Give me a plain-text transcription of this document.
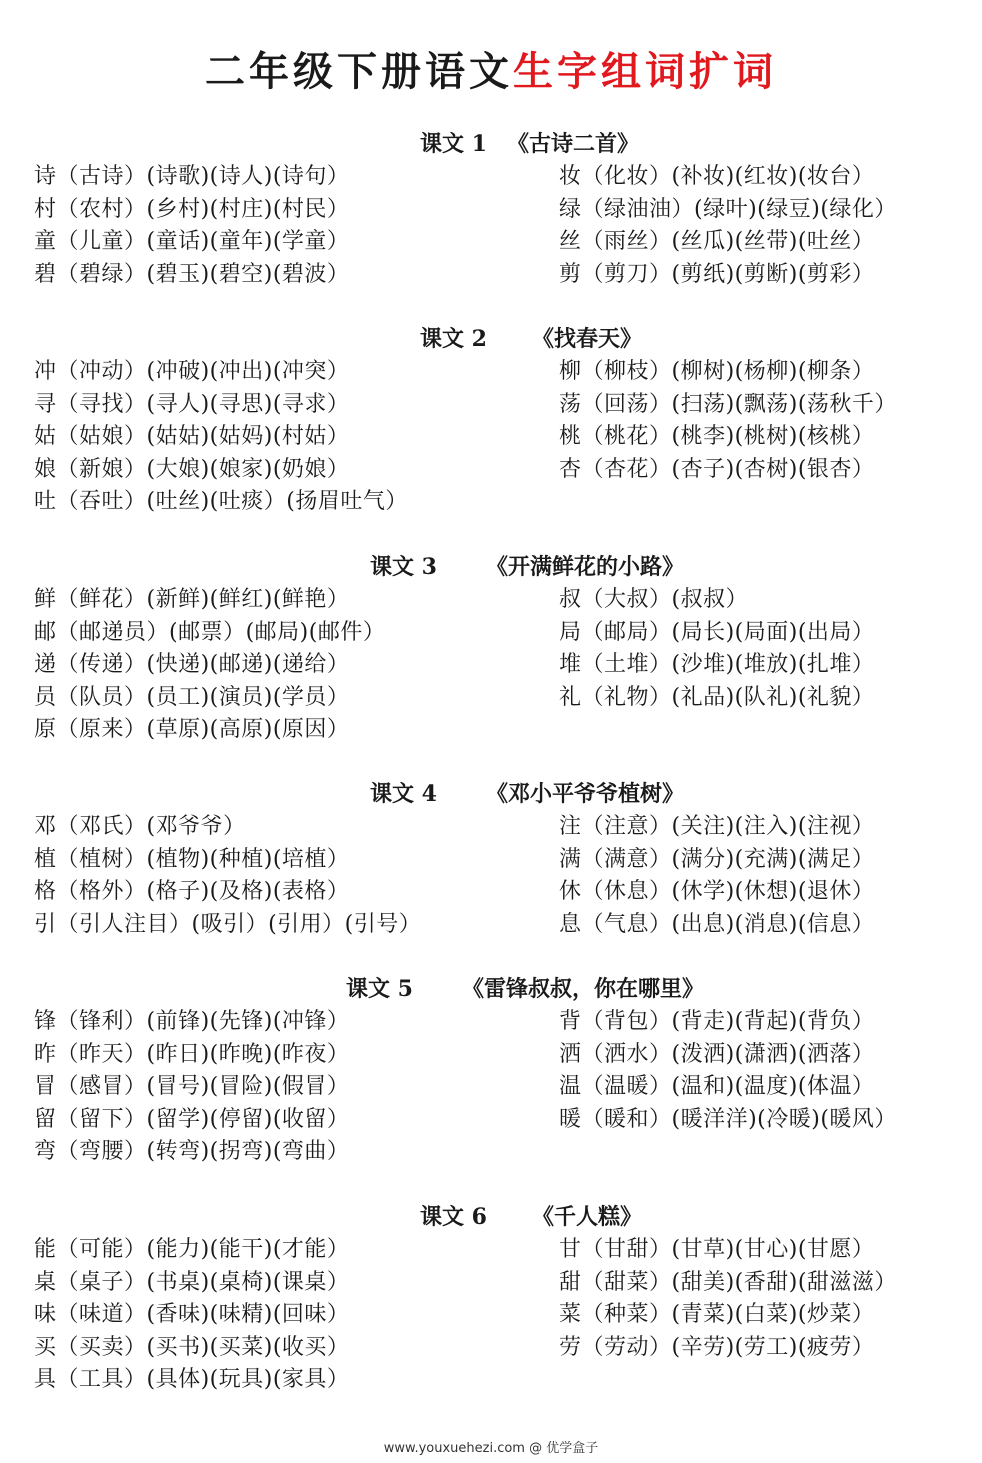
二年级下册语文生字组词扩词
课文 1 《古诗二首》
诗（古诗）(诗歌)(诗人)(诗句）
村（农村）(乡村)(村庄)(村民）
童（儿童）(童话)(童年)(学童）
碧（碧绿）(碧玉)(碧空)(碧波）
妆（化妆）(补妆)(红妆)(妆台）
绿（绿油油）(绿叶)(绿豆)(绿化）
丝（雨丝）(丝瓜)(丝带)(吐丝）
剪（剪刀）(剪纸)(剪断)(剪彩）
课文 2 《找春天》
冲（冲动）(冲破)(冲出)(冲突）
寻（寻找）(寻人)(寻思)(寻求）
姑（姑娘）(姑姑)(姑妈)(村姑）
娘（新娘）(大娘)(娘家)(奶娘）
吐（吞吐）(吐丝)(吐痰）(扬眉吐气）
柳（柳枝）(柳树)(杨柳)(柳条）
荡（回荡）(扫荡)(飘荡)(荡秋千）
桃（桃花）(桃李)(桃树)(核桃）
杏（杏花）(杏子)(杏树)(银杏）
课文 3 《开满鲜花的小路》
鲜（鲜花）(新鲜)(鲜红)(鲜艳）
邮（邮递员）(邮票）(邮局)(邮件）
递（传递）(快递)(邮递)(递给）
员（队员）(员工)(演员)(学员）
原（原来）(草原)(高原)(原因）
叔（大叔）(叔叔）
局（邮局）(局长)(局面)(出局）
堆（土堆）(沙堆)(堆放)(扎堆）
礼（礼物）(礼品)(队礼)(礼貌）
课文 4 《邓小平爷爷植树》
邓（邓氏）(邓爷爷）
植（植树）(植物)(种植)(培植）
格（格外）(格子)(及格)(表格）
引（引人注目）(吸引）(引用）(引号）
注（注意）(关注)(注入)(注视）
满（满意）(满分)(充满)(满足）
休（休息）(休学)(休想)(退休）
息（气息）(出息)(消息)(信息）
课文 5 《雷锋叔叔，你在哪里》
锋（锋利）(前锋)(先锋)(冲锋）
昨（昨天）(昨日)(昨晚)(昨夜）
冒（感冒）(冒号)(冒险)(假冒）
留（留下）(留学)(停留)(收留）
弯（弯腰）(转弯)(拐弯)(弯曲）
背（背包）(背走)(背起)(背负）
洒（洒水）(泼洒)(潇洒)(洒落）
温（温暖）(温和)(温度)(体温）
暖（暖和）(暖洋洋)(冷暖)(暖风）
课文 6 《千人糕》
能（可能）(能力)(能干)(才能）
桌（桌子）(书桌)(桌椅)(课桌）
味（味道）(香味)(味精)(回味）
买（买卖）(买书)(买菜)(收买）
具（工具）(具体)(玩具)(家具）
甘（甘甜）(甘草)(甘心)(甘愿）
甜（甜菜）(甜美)(香甜)(甜滋滋）
菜（种菜）(青菜)(白菜)(炒菜）
劳（劳动）(辛劳)(劳工)(疲劳）
www.youxuehezi.com @ 优学盒子
